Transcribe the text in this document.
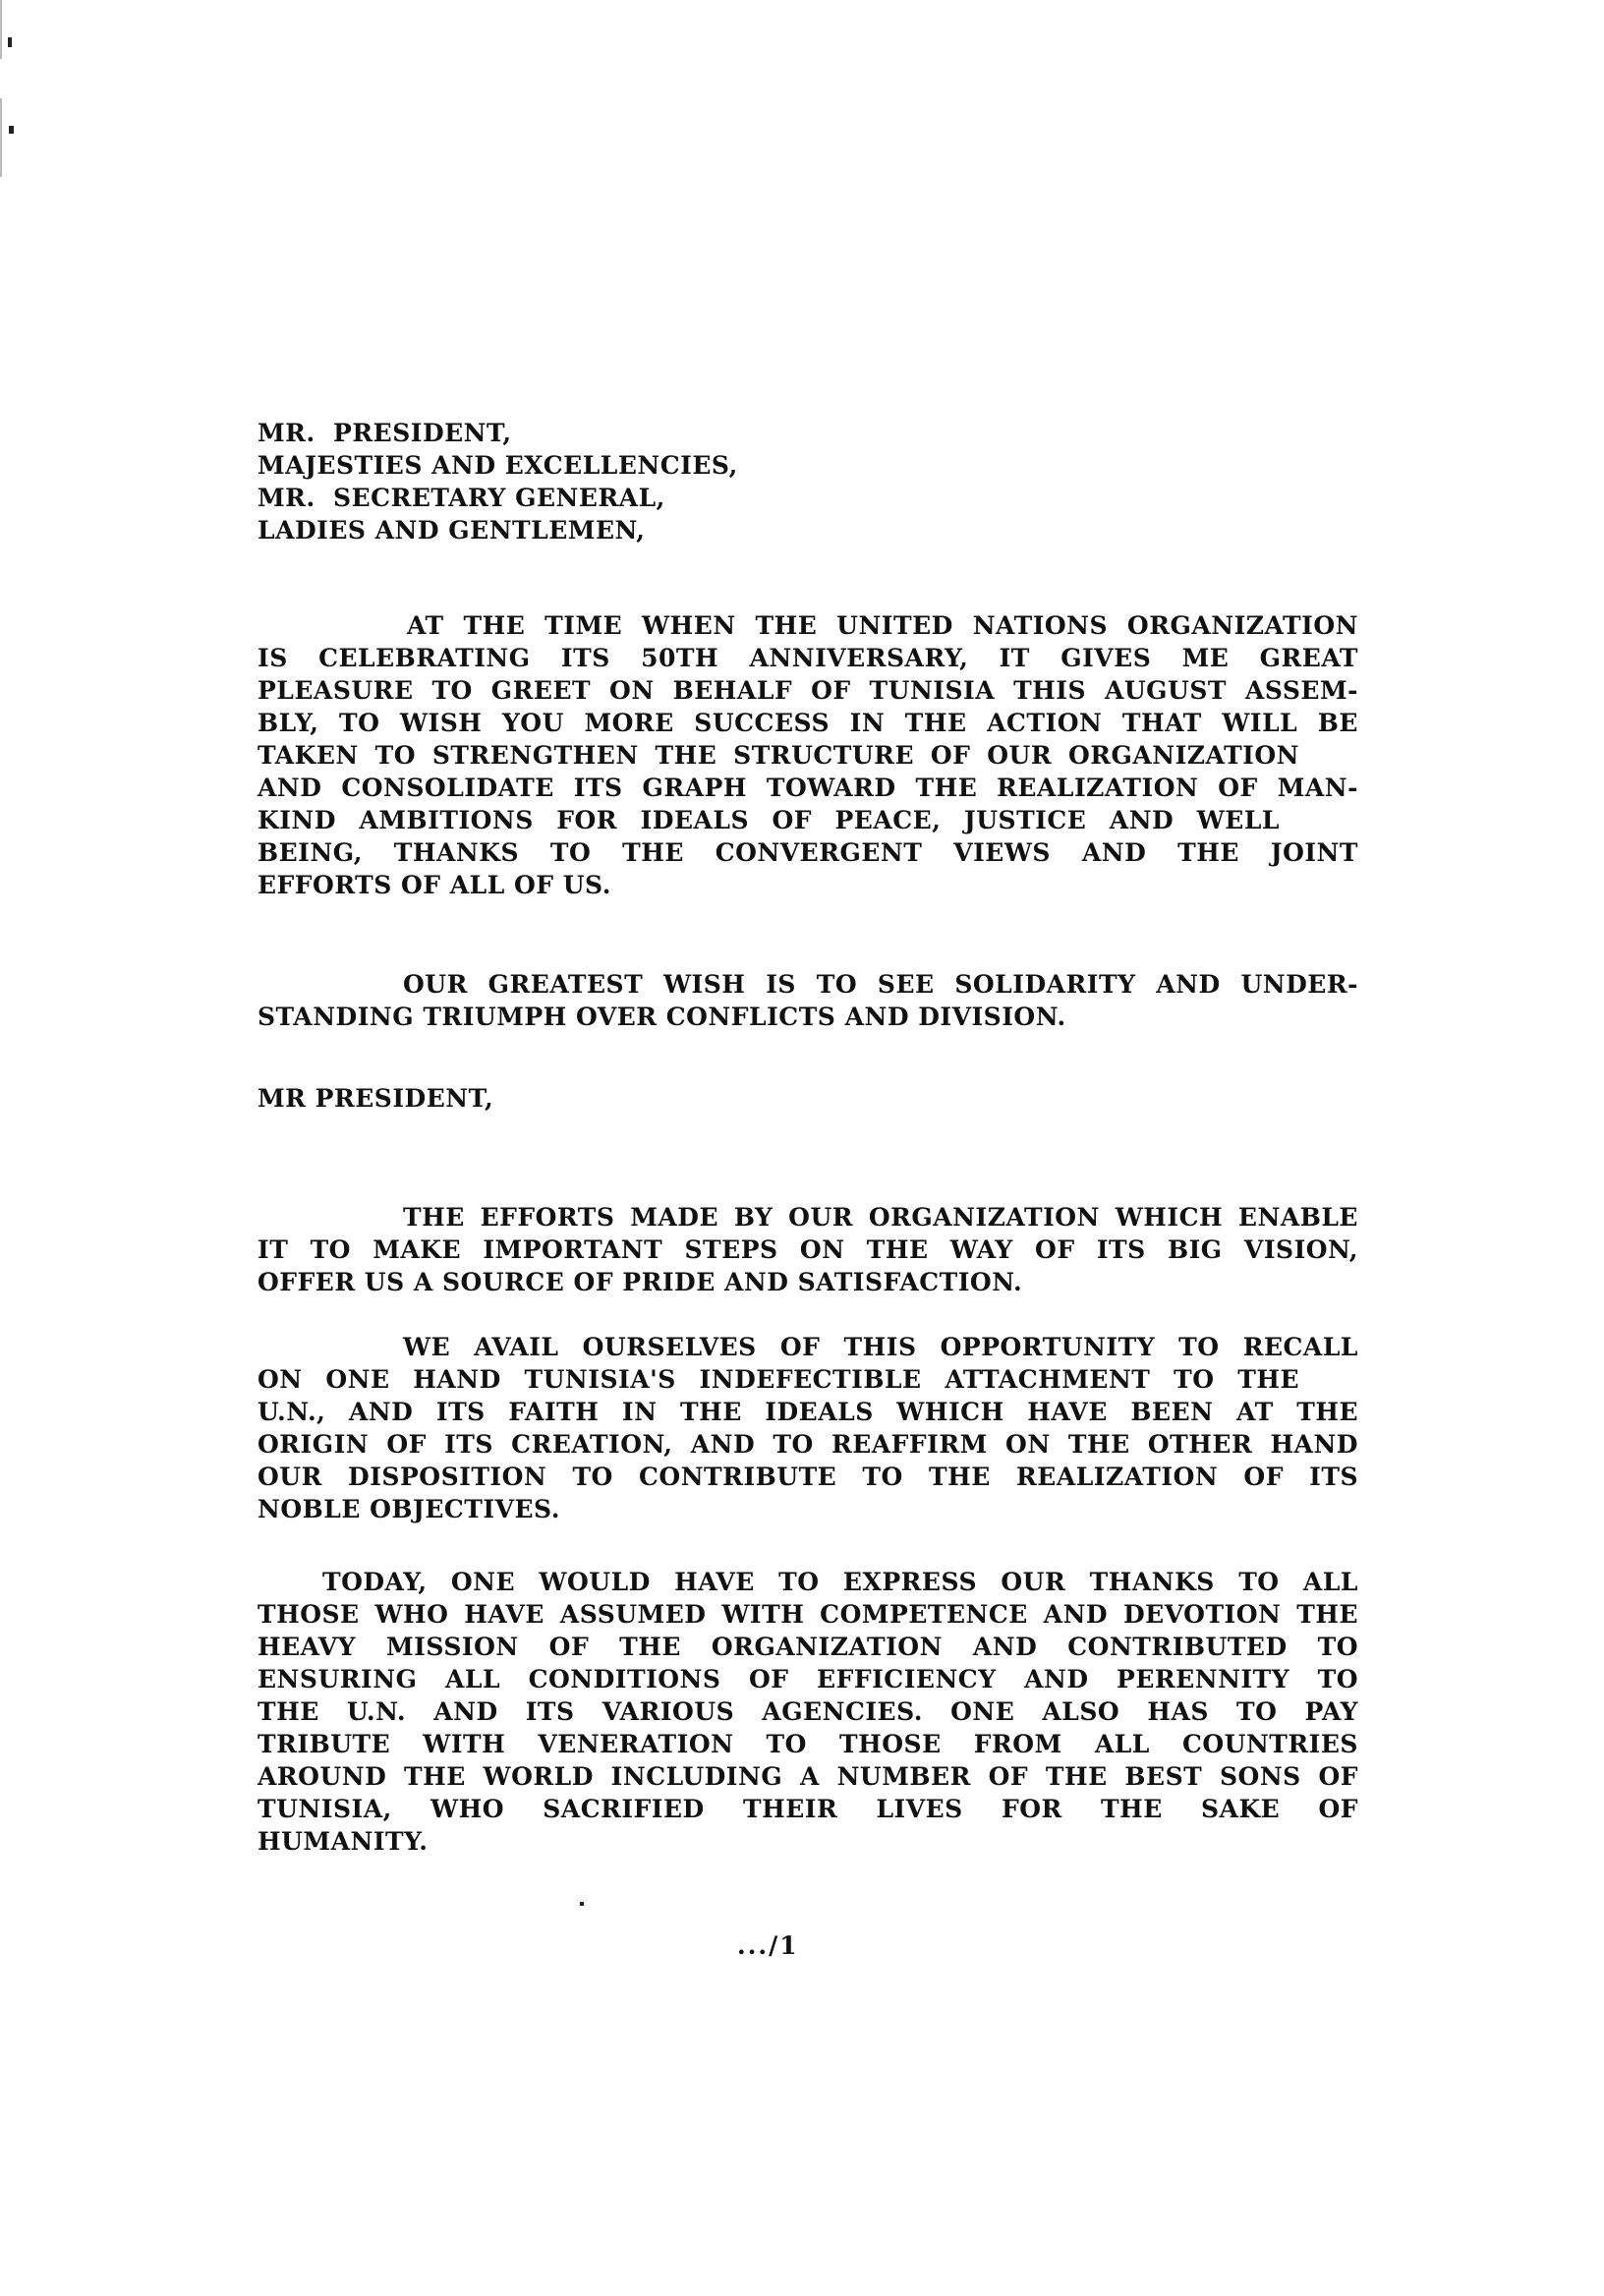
MR.  PRESIDENT,
MAJESTIES AND EXCELLENCIES,
MR.  SECRETARY GENERAL,
LADIES AND GENTLEMEN,
AT THE TIME WHEN THE UNITED NATIONS ORGANIZATION
IS CELEBRATING ITS 50TH ANNIVERSARY, IT GIVES ME GREAT
PLEASURE TO GREET ON BEHALF OF TUNISIA THIS AUGUST ASSEM-
BLY, TO WISH YOU MORE SUCCESS IN THE ACTION THAT WILL BE
TAKEN TO STRENGTHEN THE STRUCTURE OF OUR ORGANIZATION
AND CONSOLIDATE ITS GRAPH TOWARD THE REALIZATION OF MAN-
KIND AMBITIONS FOR IDEALS OF PEACE, JUSTICE AND WELL
BEING, THANKS TO THE CONVERGENT VIEWS AND THE JOINT
EFFORTS OF ALL OF US.
OUR GREATEST WISH IS TO SEE SOLIDARITY AND UNDER-
STANDING TRIUMPH OVER CONFLICTS AND DIVISION.
MR PRESIDENT,
THE EFFORTS MADE BY OUR ORGANIZATION WHICH ENABLE
IT TO MAKE IMPORTANT STEPS ON THE WAY OF ITS BIG VISION,
OFFER US A SOURCE OF PRIDE AND SATISFACTION.
WE AVAIL OURSELVES OF THIS OPPORTUNITY TO RECALL
ON ONE HAND TUNISIA'S INDEFECTIBLE ATTACHMENT TO THE
U.N., AND ITS FAITH IN THE IDEALS WHICH HAVE BEEN AT THE
ORIGIN OF ITS CREATION, AND TO REAFFIRM ON THE OTHER HAND
OUR DISPOSITION TO CONTRIBUTE TO THE REALIZATION OF ITS
NOBLE OBJECTIVES.
TODAY, ONE WOULD HAVE TO EXPRESS OUR THANKS TO ALL
THOSE WHO HAVE ASSUMED WITH COMPETENCE AND DEVOTION THE
HEAVY MISSION OF THE ORGANIZATION AND CONTRIBUTED TO
ENSURING ALL CONDITIONS OF EFFICIENCY AND PERENNITY TO
THE U.N. AND ITS VARIOUS AGENCIES. ONE ALSO HAS TO PAY
TRIBUTE WITH VENERATION TO THOSE FROM ALL COUNTRIES
AROUND THE WORLD INCLUDING A NUMBER OF THE BEST SONS OF
TUNISIA, WHO SACRIFIED THEIR LIVES FOR THE SAKE OF
HUMANITY.
.../1
